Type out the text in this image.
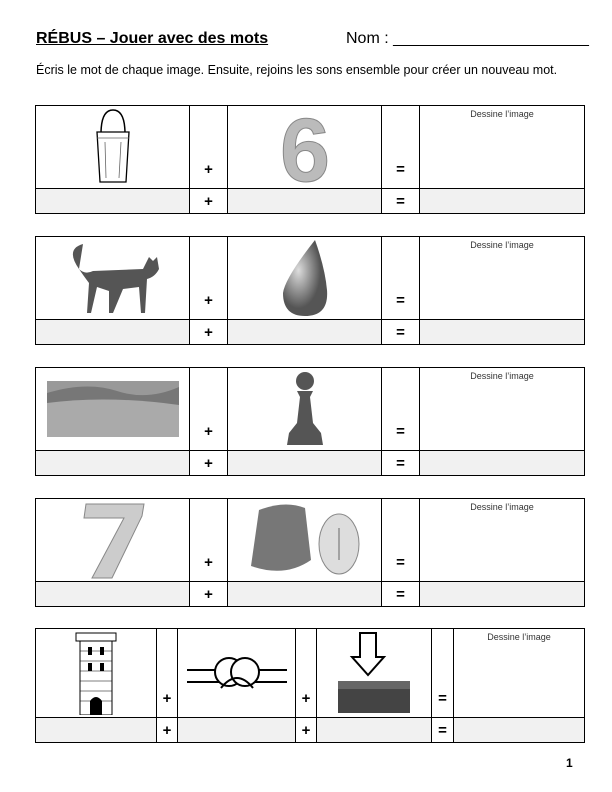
RÉBUS – Jouer avec des mots	Nom : ______________________
Écris le mot de chaque image. Ensuite, rejoins les sons ensemble pour créer un nouveau mot.
	+	6	=	Dessine l’image
	+		=	
	+		=	Dessine l’image
	+		=	
	+		=	Dessine l’image
	+		=	
	+		=	Dessine l’image
	+		=	
	+		+		=	Dessine l’image
	+		+		=	
1
